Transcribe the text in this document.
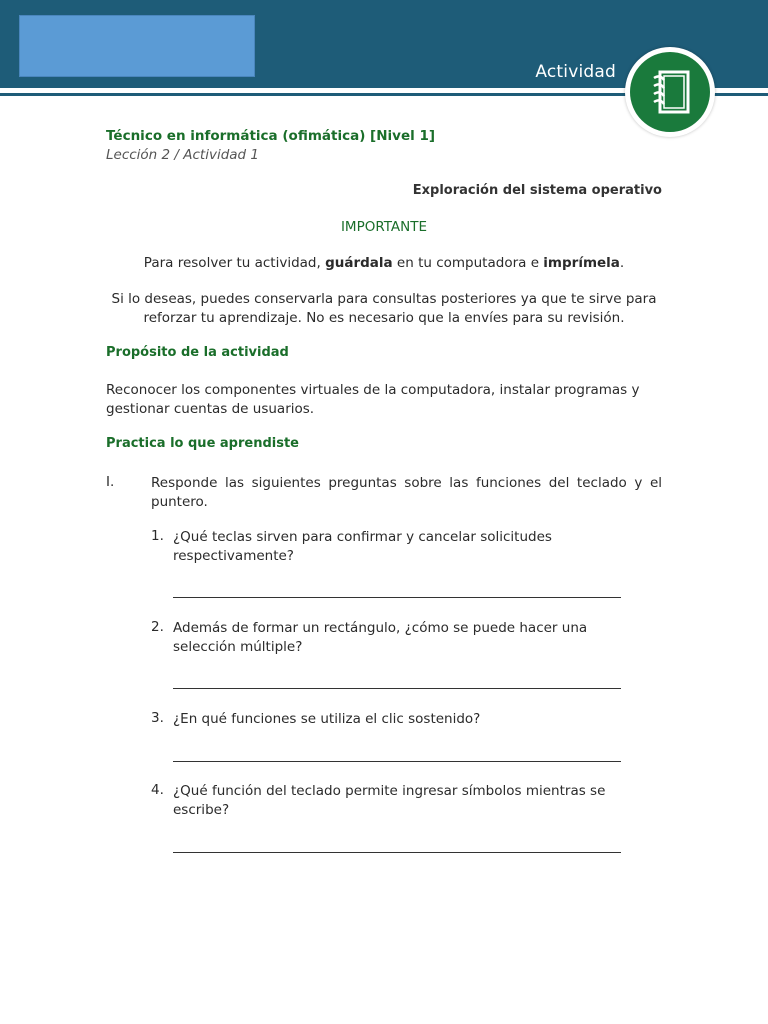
Actividad
Técnico en informática (ofimática) [Nivel 1]
Lección 2 / Actividad 1
Exploración del sistema operativo
IMPORTANTE
Para resolver tu actividad, guárdala en tu computadora e imprímela.
Si lo deseas, puedes conservarla para consultas posteriores ya que te sirve para reforzar tu aprendizaje. No es necesario que la envíes para su revisión.
Propósito de la actividad
Reconocer los componentes virtuales de la computadora, instalar programas y gestionar cuentas de usuarios.
Practica lo que aprendiste
I.	Responde las siguientes preguntas sobre las funciones del teclado y el puntero.
1. ¿Qué teclas sirven para confirmar y cancelar solicitudes respectivamente?
2. Además de formar un rectángulo, ¿cómo se puede hacer una selección múltiple?
3. ¿En qué funciones se utiliza el clic sostenido?
4. ¿Qué función del teclado permite ingresar símbolos mientras se escribe?
